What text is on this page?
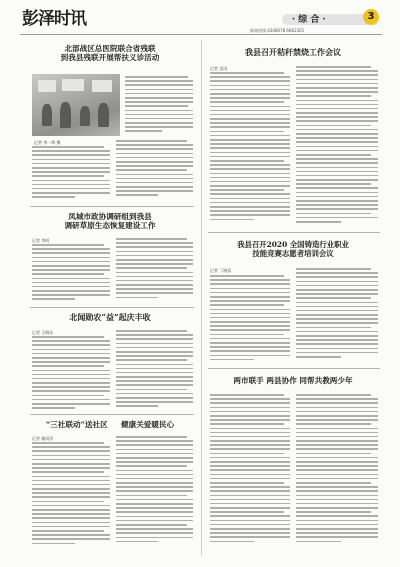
彭泽时讯	· 综 合 ·	3
新闻热线:4348078 6862301
北部战区总医院联合省残联
到我县残联开展帮扶义诊活动
记者 李一鸣 摄
凤城市政协调研组到我县
调研草原生态恢复建设工作
记者 李明
北闻勋农“益”起庆丰收
记者 王晓东
“三社联动”送社区 健康关爱暖民心
记者 谢雨淳
我县召开秸秆禁烧工作会议
记者 喜雨
我县召开2020 全国铸造行业职业
技能竞赛志愿者培训会议
记者 丁晓蓉
两市联手 两县协作 同帮共教两少年
